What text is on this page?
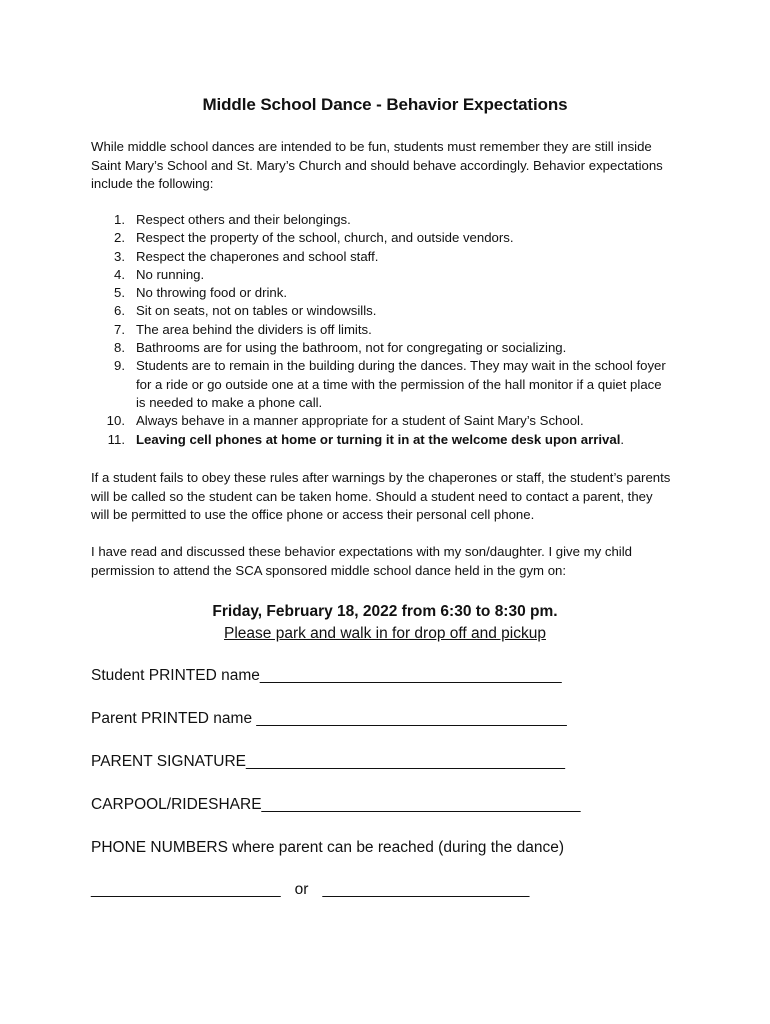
Middle School Dance - Behavior Expectations
While middle school dances are intended to be fun, students must remember they are still inside Saint Mary’s School and St. Mary’s Church and should behave accordingly. Behavior expectations include the following:
1. Respect others and their belongings.
2. Respect the property of the school, church, and outside vendors.
3. Respect the chaperones and school staff.
4. No running.
5. No throwing food or drink.
6. Sit on seats, not on tables or windowsills.
7. The area behind the dividers is off limits.
8. Bathrooms are for using the bathroom, not for congregating or socializing.
9. Students are to remain in the building during the dances. They may wait in the school foyer for a ride or go outside one at a time with the permission of the hall monitor if a quiet place is needed to make a phone call.
10. Always behave in a manner appropriate for a student of Saint Mary’s School.
11. Leaving cell phones at home or turning it in at the welcome desk upon arrival.
If a student fails to obey these rules after warnings by the chaperones or staff, the student’s parents will be called so the student can be taken home. Should a student need to contact a parent, they will be permitted to use the office phone or access their personal cell phone.
I have read and discussed these behavior expectations with my son/daughter. I give my child permission to attend the SCA sponsored middle school dance held in the gym on:
Friday, February 18, 2022 from 6:30 to 8:30 pm.
Please park and walk in for drop off and pickup
Student PRINTED name___________________________________
Parent PRINTED name ____________________________________
PARENT SIGNATURE_____________________________________
CARPOOL/RIDESHARE_____________________________________
PHONE NUMBERS where parent can be reached (during the dance)
______________________ or ________________________
